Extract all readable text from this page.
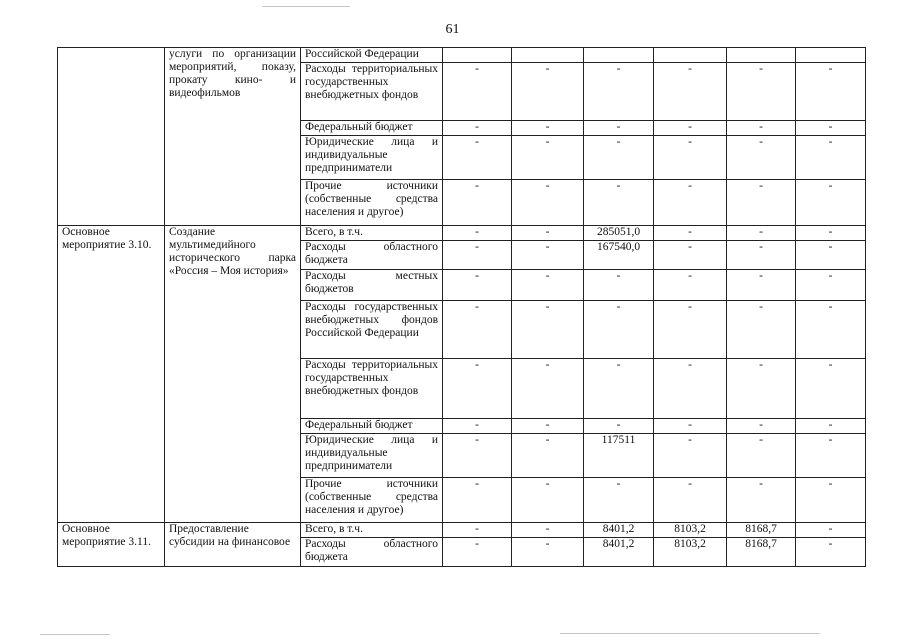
61
	услуги по организации мероприятий, показу, прокату кино- и видеофильмов	Российской Федерации						
		Расходы территориальных государственных внебюджетных фондов	-	-	-	-	-	-
		Федеральный бюджет	-	-	-	-	-	-
		Юридические лица и индивидуальные предприниматели	-	-	-	-	-	-
		Прочие источники (собственные средства населения и другое)	-	-	-	-	-	-
Основное мероприятие 3.10.	Создание мультимедийного исторического парка «Россия – Моя история»	Всего, в т.ч.	-	-	285051,0	-	-	-
		Расходы областного бюджета	-	-	167540,0	-	-	-
		Расходы местных бюджетов	-	-	-	-	-	-
		Расходы государственных внебюджетных фондов Российской Федерации	-	-	-	-	-	-
		Расходы территориальных государственных внебюджетных фондов	-	-	-	-	-	-
		Федеральный бюджет	-	-	-	-	-	-
		Юридические лица и индивидуальные предприниматели	-	-	117511	-	-	-
		Прочие источники (собственные средства населения и другое)	-	-	-	-	-	-
Основное мероприятие 3.11.	Предоставление субсидии на финансовое	Всего, в т.ч.	-	-	8401,2	8103,2	8168,7	-
		Расходы областного бюджета	-	-	8401,2	8103,2	8168,7	-
